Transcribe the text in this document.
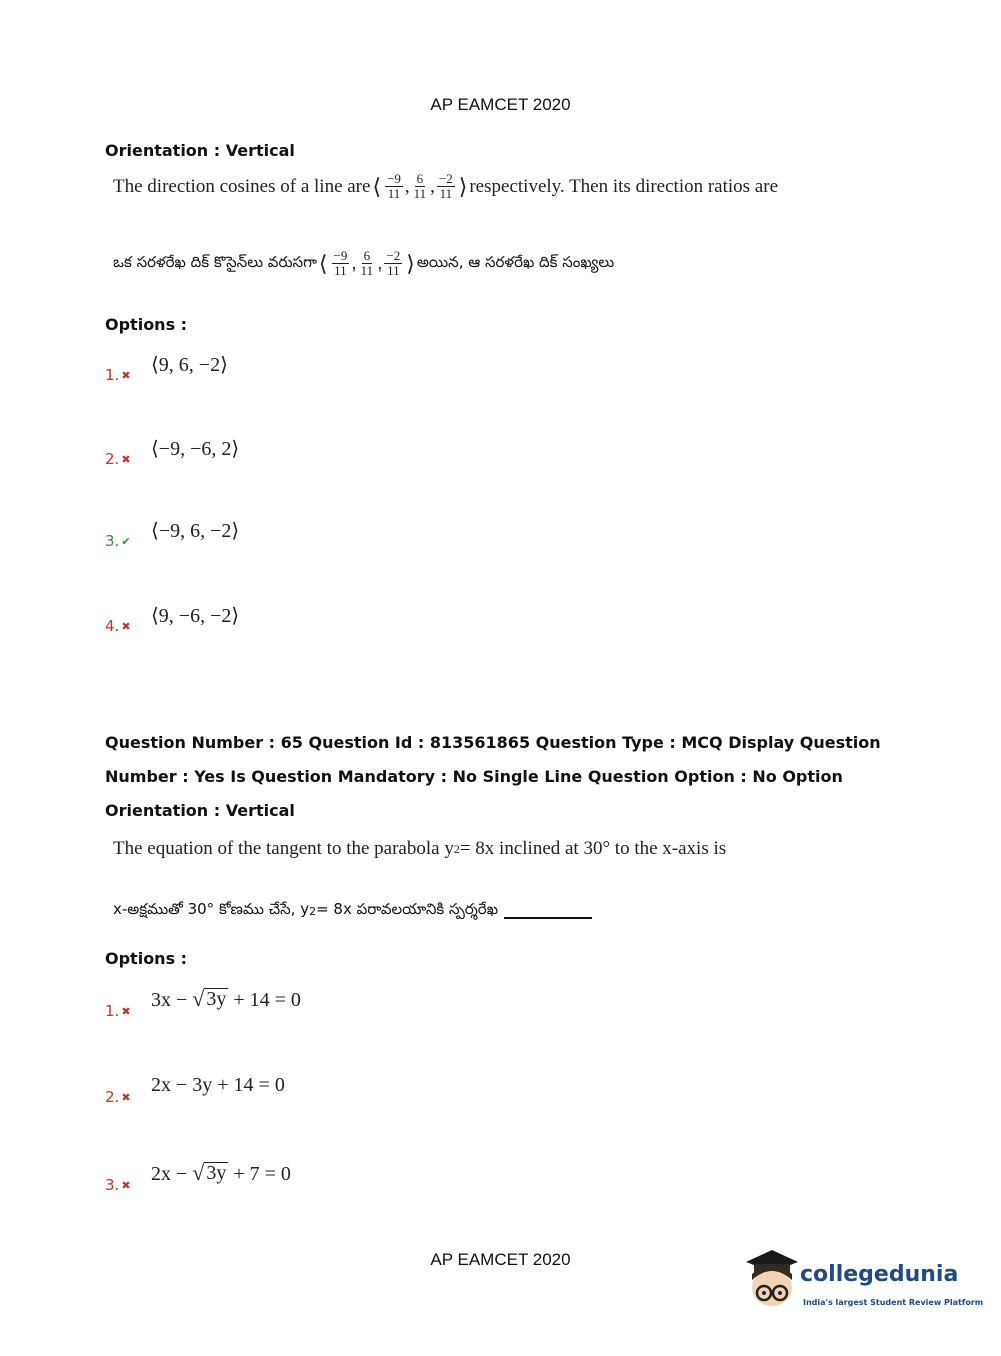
AP EAMCET 2020
Orientation : Vertical
The direction cosines of a line are ⟨ $\frac{-9}{11}$ , $\frac{6}{11}$ , $\frac{-2}{11}$ ⟩ respectively. Then its direction ratios are
ఒక సరళరేఖ దిక్ కొసైన్‌లు వరుసగా ⟨ $\frac{-9}{11}$ , $\frac{6}{11}$ , $\frac{-2}{11}$ ⟩ అయిన, ఆ సరళరేఖ దిక్ సంఖ్యలు
Options :
1. ✖ ⟨9, 6, −2⟩
2. ✖ ⟨−9, −6, 2⟩
3. ✔ ⟨−9, 6, −2⟩
4. ✖ ⟨9, −6, −2⟩
Question Number : 65 Question Id : 813561865 Question Type : MCQ Display Question
Number : Yes Is Question Mandatory : No Single Line Question Option : No Option
Orientation : Vertical
The equation of the tangent to the parabola y 2 = 8x inclined at 30° to the x-axis is
x-అక్షముతో 30° కోణము చేసే, y 2 = 8x పరావలయానికి స్పర్శరేఖ
Options :
1. ✖ 3x − √ 3y + 14 = 0
2. ✖
2x − 3y + 14 = 0
3. ✖ 2x − √ 3y + 7 = 0
AP EAMCET 2020
collegedunia
India's largest Student Review Platform
